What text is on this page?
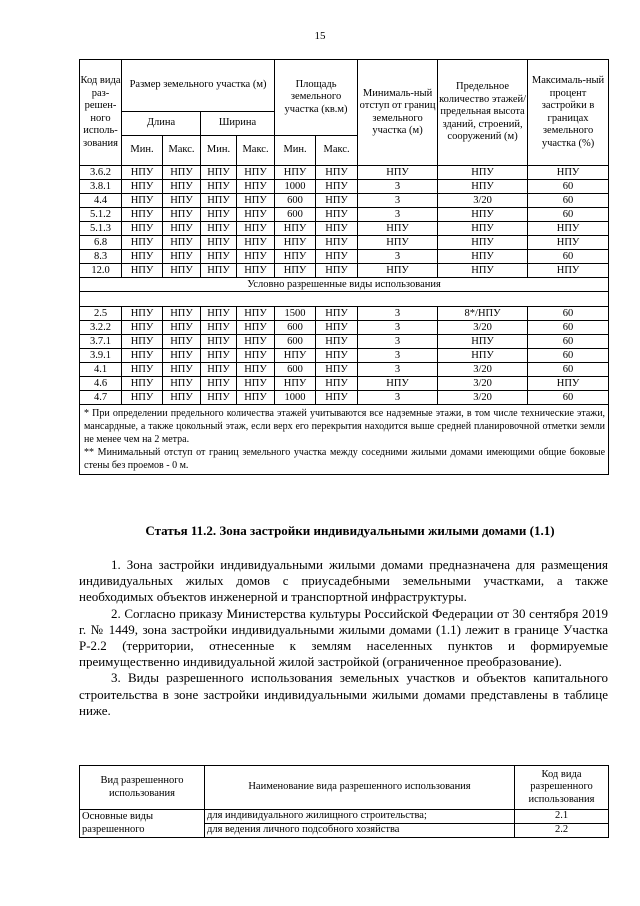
15
Код вида раз-решен-ного исполь-зования	Размер земельного участка (м)				Площадь земельного участка (кв.м)		Минималь-ный отступ от границ земельного участка (м)	Предельное количество этажей/ предельная высота зданий, строений, сооружений (м)	Максималь-ный процент застройки в границах земельного участка (%)
	Длина		Ширина						
	Мин.	Макс.	Мин.	Макс.	Мин.	Макс.			
3.6.2	НПУ	НПУ	НПУ	НПУ	НПУ	НПУ	НПУ	НПУ	НПУ
3.8.1	НПУ	НПУ	НПУ	НПУ	1000	НПУ	3	НПУ	60
4.4	НПУ	НПУ	НПУ	НПУ	600	НПУ	3	3/20	60
5.1.2	НПУ	НПУ	НПУ	НПУ	600	НПУ	3	НПУ	60
5.1.3	НПУ	НПУ	НПУ	НПУ	НПУ	НПУ	НПУ	НПУ	НПУ
6.8	НПУ	НПУ	НПУ	НПУ	НПУ	НПУ	НПУ	НПУ	НПУ
8.3	НПУ	НПУ	НПУ	НПУ	НПУ	НПУ	3	НПУ	60
12.0	НПУ	НПУ	НПУ	НПУ	НПУ	НПУ	НПУ	НПУ	НПУ
Условно разрешенные виды использования									

2.5	НПУ	НПУ	НПУ	НПУ	1500	НПУ	3	8*/НПУ	60
3.2.2	НПУ	НПУ	НПУ	НПУ	600	НПУ	3	3/20	60
3.7.1	НПУ	НПУ	НПУ	НПУ	600	НПУ	3	НПУ	60
3.9.1	НПУ	НПУ	НПУ	НПУ	НПУ	НПУ	3	НПУ	60
4.1	НПУ	НПУ	НПУ	НПУ	600	НПУ	3	3/20	60
4.6	НПУ	НПУ	НПУ	НПУ	НПУ	НПУ	НПУ	3/20	НПУ
4.7	НПУ	НПУ	НПУ	НПУ	1000	НПУ	3	3/20	60

* При определении предельного количества этажей учитываются все надземные этажи, в том числе технические этажи, мансардные, а также цокольный этаж, если верх его перекрытия находится выше средней планировочной отметки земли не менее чем на 2 метра.

** Минимальный отступ от границ земельного участка между соседними жилыми домами имеющими общие боковые стены без проемов - 0 м.									

Статья 11.2. Зона застройки индивидуальными жилыми домами (1.1)

1. Зона застройки индивидуальными жилыми домами предназначена для размещения индивидуальных жилых домов с приусадебными земельными участками, а также необходимых объектов инженерной и транспортной инфраструктуры.

2. Согласно приказу Министерства культуры Российской Федерации от 30 сентября 2019 г. № 1449, зона застройки индивидуальными жилыми домами (1.1) лежит в границе Участка Р-2.2 (территории, отнесенные к землям населенных пунктов и формируемые преимущественно индивидуальной жилой застройкой (ограниченное преобразование).

3. Виды разрешенного использования земельных участков и объектов капитального строительства в зоне застройки индивидуальными жилыми домами представлены в таблице ниже.

Вид разрешенного использования	Наименование вида разрешенного использования	Код вида разрешенного использования
Основные виды	для индивидуального жилищного строительства;	2.1
разрешенного	для ведения личного подсобного хозяйства	2.2
